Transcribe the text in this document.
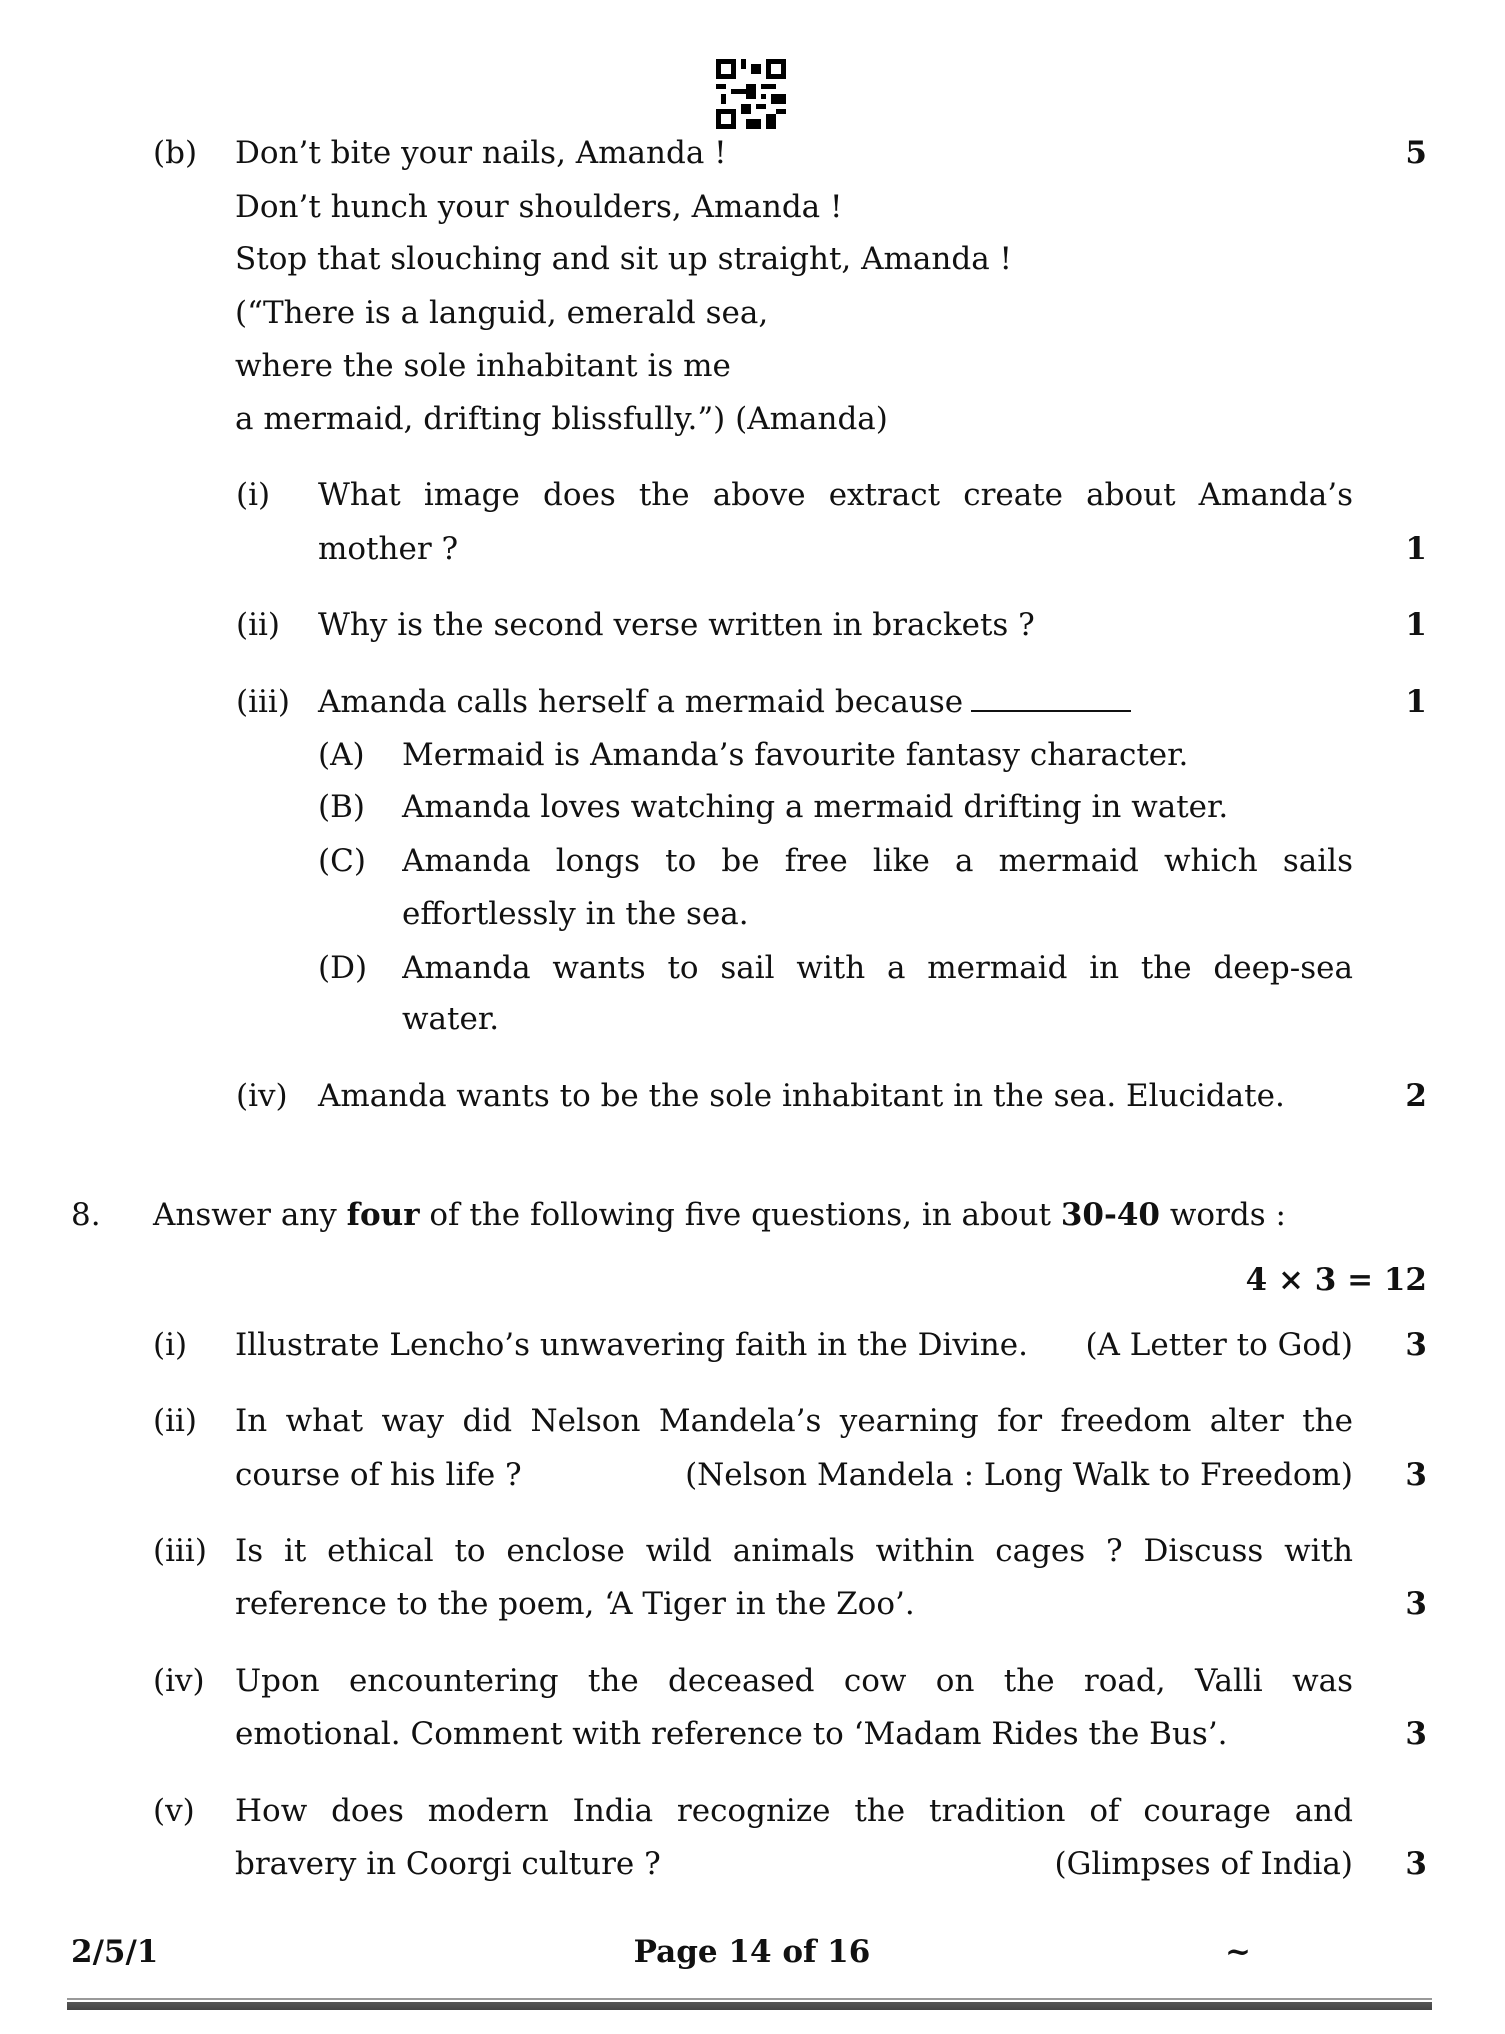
(b)	5
Don’t bite your nails, Amanda !
Don’t hunch your shoulders, Amanda !
Stop that slouching and sit up straight, Amanda !
(“There is a languid, emerald sea,
where the sole inhabitant is me
a mermaid, drifting blissfully.”) (Amanda)
(i) What image does the above extract create about Amanda’s
mother ?	1
(ii) Why is the second verse written in brackets ?	1
(iii) Amanda calls herself a mermaid because	1
(A) Mermaid is Amanda’s favourite fantasy character.
(B) Amanda loves watching a mermaid drifting in water.
(C) Amanda longs to be free like a mermaid which sails
effortlessly in the sea.
(D) Amanda wants to sail with a mermaid in the deep-sea
water.
(iv) Amanda wants to be the sole inhabitant in the sea. Elucidate.	2
8. Answer any four of the following five questions, in about 30-40 words :
4 × 3 = 12
(i) Illustrate Lencho’s unwavering faith in the Divine. (A Letter to God)	3
(ii) In what way did Nelson Mandela’s yearning for freedom alter the
course of his life ?	(Nelson Mandela : Long Walk to Freedom)	3
(iii) Is it ethical to enclose wild animals within cages ? Discuss with
reference to the poem, ‘A Tiger in the Zoo’.	3
(iv) Upon encountering the deceased cow on the road, Valli was
emotional. Comment with reference to ‘Madam Rides the Bus’.	3
(v) How does modern India recognize the tradition of courage and
bravery in Coorgi culture ?	(Glimpses of India)	3
2/5/1	Page 14 of 16	~
